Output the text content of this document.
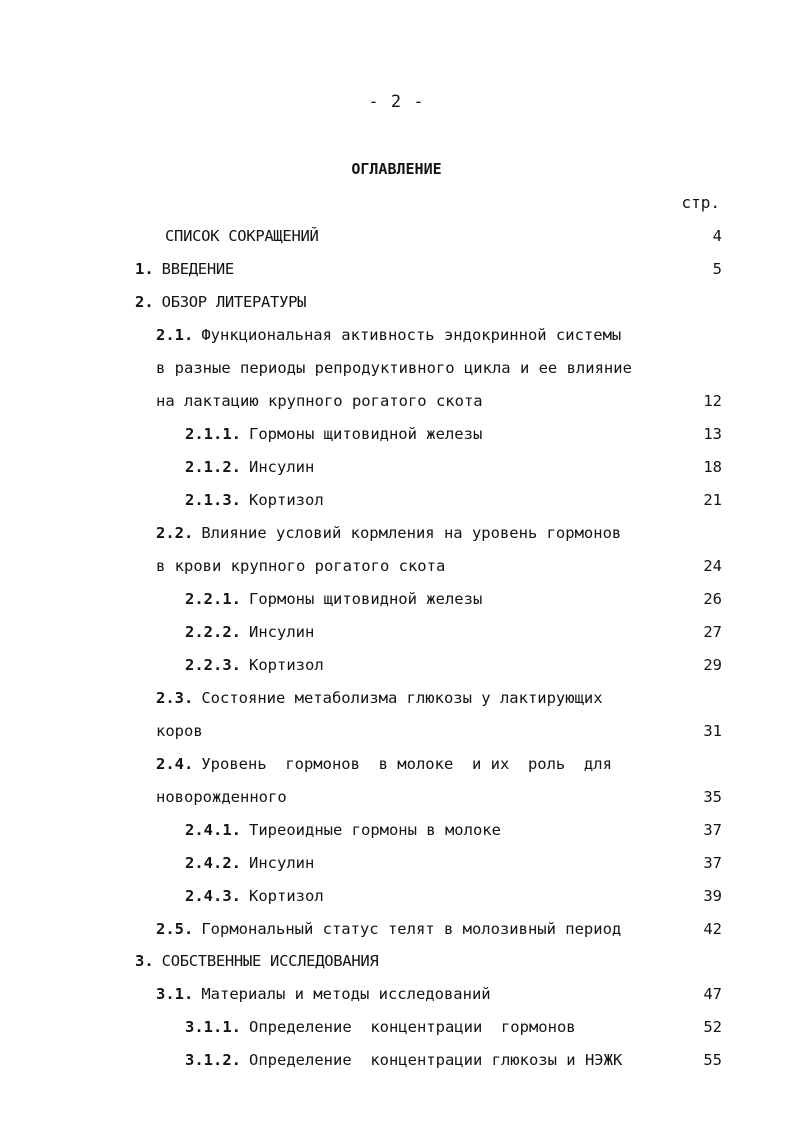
- 2 -
ОГЛАВЛЕНИЕ
стр.
СПИСОК СОКРАЩЕНИЙ	4
1. ВВЕДЕНИЕ	5
2. ОБЗОР ЛИТЕРАТУРЫ
2.1. Функциональная активность эндокринной системы
в разные периоды репродуктивного цикла и ее влияние
на лактацию крупного рогатого скота	12
2.1.1. Гормоны щитовидной железы	13
2.1.2. Инсулин	18
2.1.3. Кортизол	21
2.2. Влияние условий кормления на уровень гормонов
в крови крупного рогатого скота	24
2.2.1. Гормоны щитовидной железы	26
2.2.2. Инсулин	27
2.2.3. Кортизол	29
2.3. Состояние метаболизма глюкозы у лактирующих
коров	31
2.4. Уровень  гормонов  в молоке  и их  роль  для
новорожденного	35
2.4.1. Тиреоидные гормоны в молоке	37
2.4.2. Инсулин	37
2.4.3. Кортизол	39
2.5. Гормональный статус телят в молозивный период	42
3. СОБСТВЕННЫЕ ИССЛЕДОВАНИЯ
3.1. Материалы и методы исследований	47
3.1.1. Определение  концентрации  гормонов	52
3.1.2. Определение  концентрации глюкозы и НЭЖК	55
